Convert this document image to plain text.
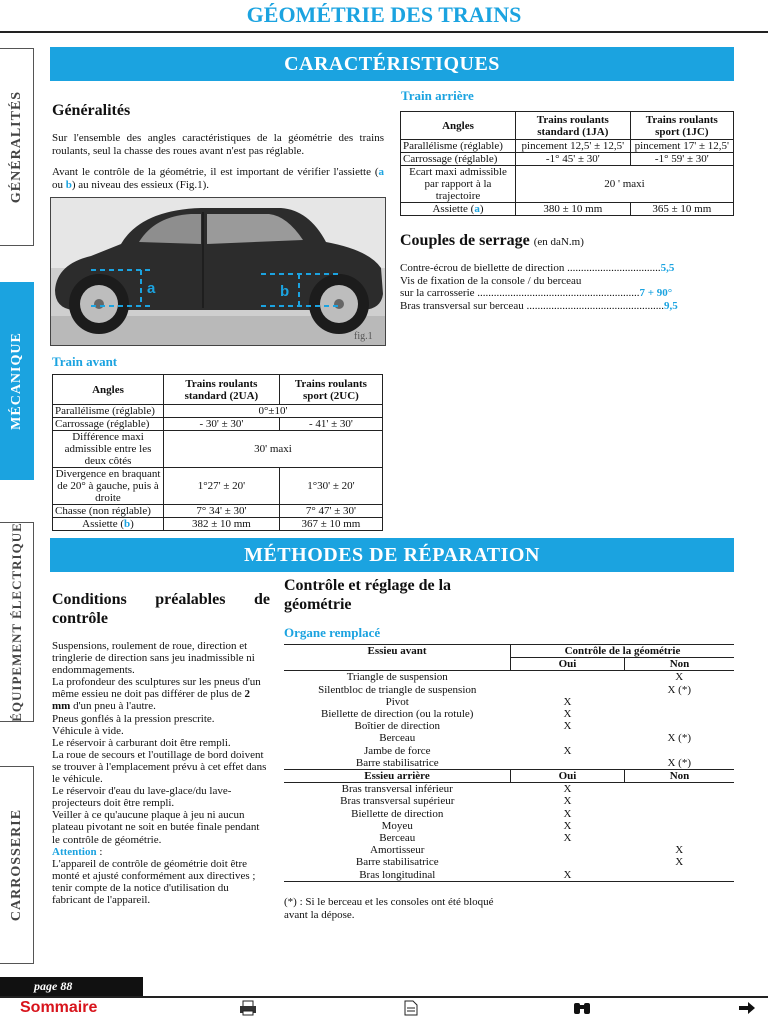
GÉOMÉTRIE DES TRAINS
GÉNÉRALITÉS
MÉCANIQUE
ÉQUIPEMENT ÉLECTRIQUE
CARROSSERIE
CARACTÉRISTIQUES
Généralités

Sur l'ensemble des angles caractéristiques de la géométrie des trains roulants, seul la chasse des roues avant n'est pas réglable.

Avant le contrôle de la géométrie, il est important de vérifier l'assiette (a ou b) au niveau des essieux (Fig.1).

a	b
fig.1
Train avant
Angles	Trains roulants standard (2UA)	Trains roulants sport (2UC)
Parallélisme (réglable)	0°±10'	
Carrossage (réglable)	- 30' ± 30'	- 41' ± 30'
Différence maxi admissible entre les deux côtés	30' maxi	
Divergence en braquant de 20° à gauche, puis à droite	1°27' ± 20'	1°30' ± 20'
Chasse (non réglable)	7° 34' ± 30'	7° 47' ± 30'
Assiette (b)	382 ± 10 mm	367 ± 10 mm
Train arrière
Angles	Trains roulants standard (1JA)	Trains roulants sport (1JC)
Parallélisme (réglable)	pincement 12,5' ± 12,5'	pincement 17' ± 12,5'
Carrossage (réglable)	-1° 45' ± 30'	-1° 59' ± 30'
Ecart maxi admissible par rapport à la trajectoire	20 ' maxi	
Assiette (a)	380 ± 10 mm	365 ± 10 mm
Couples de serrage (en daN.m)
Contre-écrou de biellette de direction ..................................5,5
Vis de fixation de la console / du berceau
sur la carrosserie ...........................................................7 + 90°
Bras transversal sur berceau ..................................................9,5
MÉTHODES DE RÉPARATION
Conditions préalables de contrôle
Suspensions, roulement de roue, direction et tringlerie de direction sans jeu inadmissible ni endommagements.
La profondeur des sculptures sur les pneus d'un même essieu ne doit pas différer de plus de 2 mm d'un pneu à l'autre.
Pneus gonflés à la pression prescrite.
Véhicule à vide.
Le réservoir à carburant doit être rempli.
La roue de secours et l'outillage de bord doivent se trouver à l'emplacement prévu à cet effet dans le véhicule.
Le réservoir d'eau du lave-glace/du lave-projecteurs doit être rempli.
Veiller à ce qu'aucune plaque à jeu ni aucun plateau pivotant ne soit en butée finale pendant le contrôle de géométrie.
Attention :
L'appareil de contrôle de géométrie doit être monté et ajusté conformément aux directives ; tenir compte de la notice d'utilisation du fabricant de l'appareil.
Contrôle et réglage de la géométrie
Organe remplacé
Essieu avant	Contrôle de la géométrie	
	Oui	Non
Triangle de suspension		X
Silentbloc de triangle de suspension		X (*)
Pivot	X	
Biellette de direction (ou la rotule)	X	
Boîtier de direction	X	
Berceau		X (*)
Jambe de force	X	
Barre stabilisatrice		X (*)
Essieu arrière	Oui	Non
Bras transversal inférieur	X	
Bras transversal supérieur	X	
Biellette de direction	X	
Moyeu	X	
Berceau	X	
Amortisseur		X
Barre stabilisatrice		X
Bras longitudinal	X	
(*) : Si le berceau et les consoles ont été bloqué avant la dépose.
page 88
Sommaire
